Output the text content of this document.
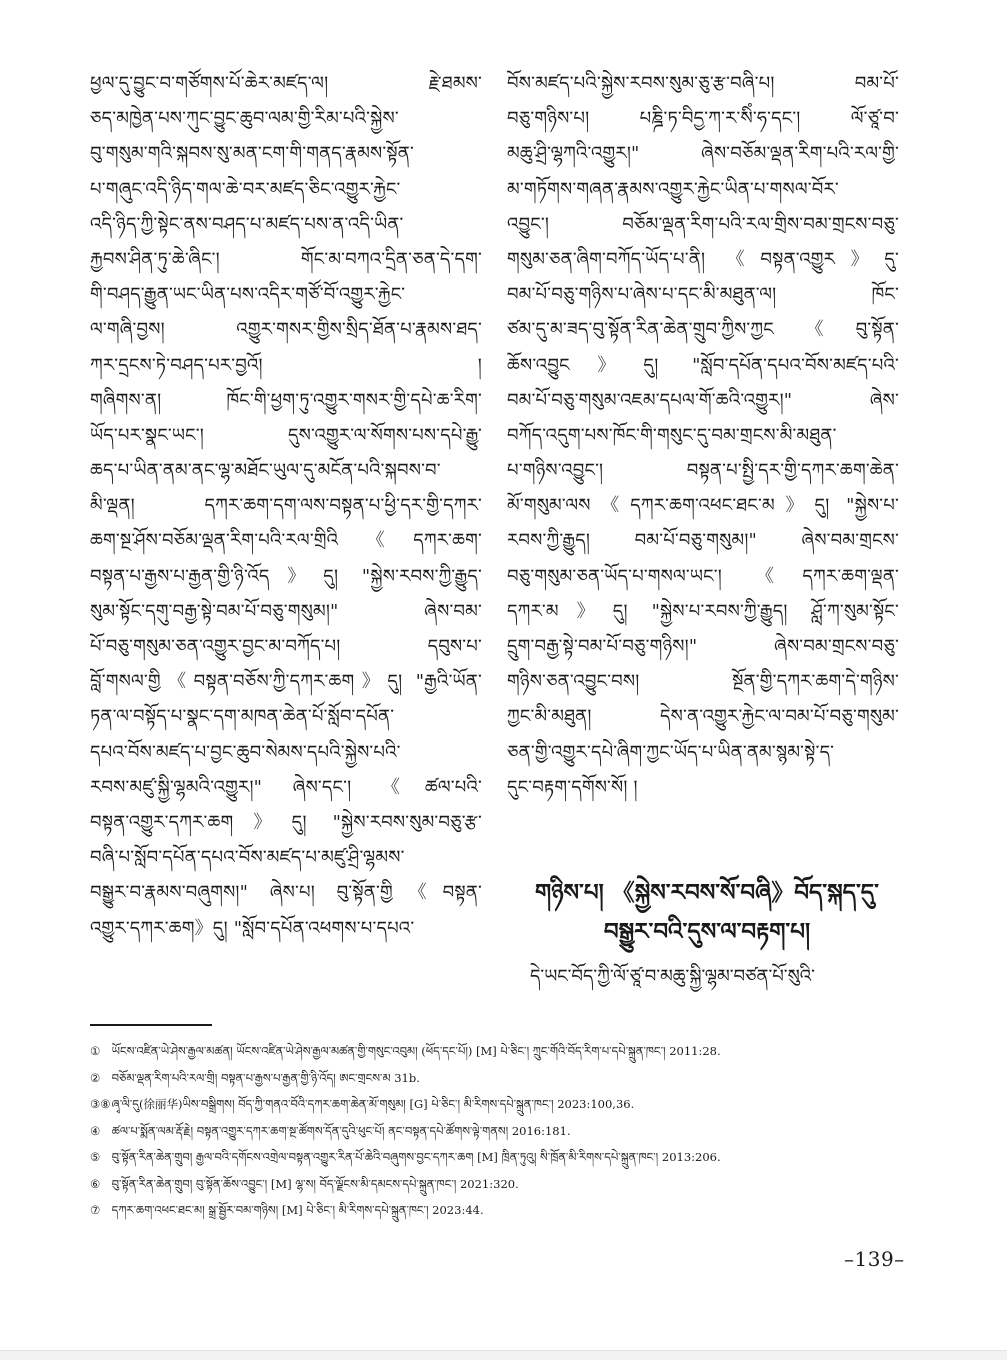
ཕྱལ་དུ་བྱུང་བ་གཙོགས་པོ་ཆེར་མཛད་ལ། རྗེ་ཐམས་
ཅད་མཁྱེན་པས་ཀུང་བྱུང་ཆུབ་ལམ་གྱི་རིམ་པའི་སྐྱེས་
བུ་གསུམ་གའི་སྐབས་སུ་མན་ངག་གི་གནད་རྣམས་སྟོན་
པ་གཞུང་འདི་ཉིད་གལ་ཆེ་བར་མཛད་ཅིང་འགྱུར་རྐྱེང་
འདི་ཉིད་ཀྱི་སྟེང་ནས་བཤད་པ་མཛད་པས་ན་འདི་ཡིན་
རྐྱབས་ཤིན་ཏུ་ཆེ་ཞིང་། གོང་མ་བཀའ་དྲིན་ཅན་དེ་དག་
གི་བཤད་རྒྱུན་ཡང་ཡིན་པས་འདིར་གཙོ་བོ་འགྱུར་རྐྱེང་
ལ་གཞི་བྱས། འགྱུར་གསར་གྱིས་སྲིད་ཐོན་པ་རྣམས་ཐད་
ཀར་དྲངས་ཏེ་བཤད་པར་བྱའོ། །
གཞིགས་ན། ཁོང་གི་ཕྱག་ཏུ་འགྱུར་གསར་གྱི་དཔེ་ཆ་རིག་
ཡོད་པར་སྣང་ཡང་། དུས་འགྱུར་ལ་སོགས་པས་དཔེ་རྒྱུ་
ཆད་པ་ཡིན་ནམ་ནང་ལྷ་མཐོང་ཡུལ་དུ་མངོན་པའི་སྐབས་བ་
མི་ལྡན། དཀར་ཆག་དག་ལས་བསྟན་པ་ཕྱི་དར་གྱི་དཀར་
ཆག་སྔ་ཤོས་བཅོམ་ལྡན་རིག་པའི་རལ་གྲིའི《དཀར་ཆག་
བསྟན་པ་རྒྱས་པ་རྒྱན་གྱི་ཉི་འོད》དུ། "སྐྱེས་རབས་ཀྱི་རྒྱུད་
སུམ་སྟོང་དགུ་བརྒྱ་སྟེ་བམ་པོ་བཅུ་གསུམ།" ཞེས་བམ་
པོ་བཅུ་གསུམ་ཅན་འགྱུར་བྱང་མ་བཀོད་པ། དབུས་པ་
བློ་གསལ་གྱི《བསྟན་བཅོས་ཀྱི་དཀར་ཆག》དུ། "རྒྱའི་ཡོན་
ཏན་ལ་བསྟོད་པ་སྣང་དག་མཁན་ཆེན་པོ་སློབ་དཔོན་
དཔའ་བོས་མཛད་པ་བྱང་ཆུབ་སེམས་དཔའི་སྐྱེས་པའི་
རབས་མཛུ་སྐྱི་ལྷམའི་འགྱུར།" ཞེས་དང་། 《ཚལ་པའི་
བསྟན་འགྱུར་དཀར་ཆག》དུ། "སྐྱེས་རབས་སུམ་བཅུ་རྩ་
བཞི་པ་སློབ་དཔོན་དཔའ་བོས་མཛད་པ་མཛུ་ཤྲི་ལྷམས་
བསྒྱུར་བ་རྣམས་བཞུགས།" ཞེས་པ། བུ་སྟོན་གྱི《བསྟན་
འགྱུར་དཀར་ཆག》དུ། "སློབ་དཔོན་འཕགས་པ་དཔའ་
བོས་མཛད་པའི་སྐྱེས་རབས་སུམ་ཅུ་རྩ་བཞི་པ། བམ་པོ་
བཅུ་གཉིས་པ། པཎྜི་ཏ་བིདྱ་ཀ་ར་སིཾ་ཧ་དང་། ལོ་ཙཱ་བ་
མཆུ་ཤྲི་ལྷཀའི་འགྱུར།" ཞེས་བཅོམ་ལྡན་རིག་པའི་རལ་གྱི་
མ་གཏོགས་གཞན་རྣམས་འགྱུར་རྐྱེང་ཡིན་པ་གསལ་བོར་
འབྱུང་། བཅོམ་ལྡན་རིག་པའི་རལ་གྲིས་བམ་གྲངས་བཅུ་
གསུམ་ཅན་ཞིག་བཀོད་ཡོད་པ་ནི། 《བསྟན་འགྱུར》དུ་
བམ་པོ་བཅུ་གཉིས་པ་ཞེས་པ་དང་མི་མཐུན་ལ། ཁོང་
ཙམ་དུ་མ་ཟད་བུ་སྟོན་རིན་ཆེན་གྲུབ་ཀྱིས་ཀྱང《བུ་སྟོན་
ཆོས་འབྱུང》དུ། "སློབ་དཔོན་དཔའ་བོས་མཛད་པའི་
བམ་པོ་བཅུ་གསུམ་འཇམ་དཔལ་གོ་ཆའི་འགྱུར།" ཞེས་
བཀོད་འདུག་པས་ཁོང་གི་གསུང་དུ་བམ་གྲངས་མི་མཐུན་
པ་གཉིས་འབྱུང་། བསྟན་པ་སྤྱི་དར་གྱི་དཀར་ཆག་ཆེན་
མོ་གསུམ་ལས《དཀར་ཆག་འཕང་ཐང་མ》དུ། "སྐྱེས་པ་
རབས་ཀྱི་རྒྱུད། བམ་པོ་བཅུ་གསུམ།" ཞེས་བམ་གྲངས་
བཅུ་གསུམ་ཅན་ཡོད་པ་གསལ་ཡང་། 《དཀར་ཆག་ལྡན་
དཀར་མ》དུ། "སྐྱེས་པ་རབས་ཀྱི་རྒྱུད། ཤློ་ཀ་སུམ་སྟོང་
དྲུག་བརྒྱ་སྟེ་བམ་པོ་བཅུ་གཉིས།" ཞེས་བམ་གྲངས་བཅུ་
གཉིས་ཅན་འབྱུང་བས། སྔོན་གྱི་དཀར་ཆག་དེ་གཉིས་
ཀྱང་མི་མཐུན། དེས་ན་འགྱུར་རྐྱེང་ལ་བམ་པོ་བཅུ་གསུམ་
ཅན་གྱི་འགྱུར་དཔེ་ཞིག་ཀྱང་ཡོད་པ་ཡིན་ནམ་སྙམ་སྟེ་ད་
དུང་བརྟག་དགོས་སོ། །
གཉིས་པ། 《སྐྱེས་རབས་སོ་བཞི》བོད་སྐད་དུ་
བསྒྱུར་བའི་དུས་ལ་བརྟག་པ།
དེ་ཡང་བོད་ཀྱི་ལོ་ཙཱ་བ་མཆུ་སྐྱི་ལྷམ་བཙན་པོ་སུའི་
① ཡོངས་འཛིན་ཡེ་ཤེས་རྒྱལ་མཚན། ཡོངས་འཛིན་ཡེ་ཤེས་རྒྱལ་མཚན་གྱི་གསུང་འབུམ། (ཕོད་དང་པོ།) [M] པེ་ཅིང་། ཀྲུང་གོའི་བོད་རིག་པ་དཔེ་སྐྲུན་ཁང་། 2011:28.
② བཅོམ་ལྡན་རིག་པའི་རལ་གྲི། བསྟན་པ་རྒྱས་པ་རྒྱན་གྱི་ཉི་འོད། ཨང་གྲངས་མ 31b.
③⑧ ཞྭ་ལི་དུ(徐丽华)ཡིས་བསྒྲིགས། བོད་ཀྱི་གནའ་བོའི་དཀར་ཆག་ཆེན་མོ་གསུམ། [G] པེ་ཅིང་། མི་རིགས་དཔེ་སྐྲུན་ཁང་། 2023:100,36.
④ ཚལ་པ་སྨོན་ལམ་རྡོ་རྗེ། བསྟན་འགྱུར་དཀར་ཆག་སྔ་ཚོགས་དོན་དུའི་ཕུང་པོ། ནང་བསྟན་དཔེ་ཚོགས་ལྟེ་གནས། 2016:181.
⑤ བུ་སྟོན་རིན་ཆེན་གྲུབ། རྒྱལ་བའི་དགོངས་འགྲེལ་བསྟན་འགྱུར་རིན་པོ་ཆེའི་བཞུགས་བྱང་དཀར་ཆག [M] ཁྲིན་ཏུའུ། སི་ཁྲོན་མི་རིགས་དཔེ་སྐྲུན་ཁང་། 2013:206.
⑥ བུ་སྟོན་རིན་ཆེན་གྲུབ། བུ་སྟོན་ཆོས་འབྱུང་། [M] ལྷ་ས། བོད་ལྗོངས་མི་དམངས་དཔེ་སྐྲུན་ཁང་། 2021:320.
⑦ དཀར་ཆག་འཕང་ཐང་མ། སྒྲ་སྦྱོར་བམ་གཉིས། [M] པེ་ཅིང་། མི་རིགས་དཔེ་སྐྲུན་ཁང་། 2023:44.
–139–
